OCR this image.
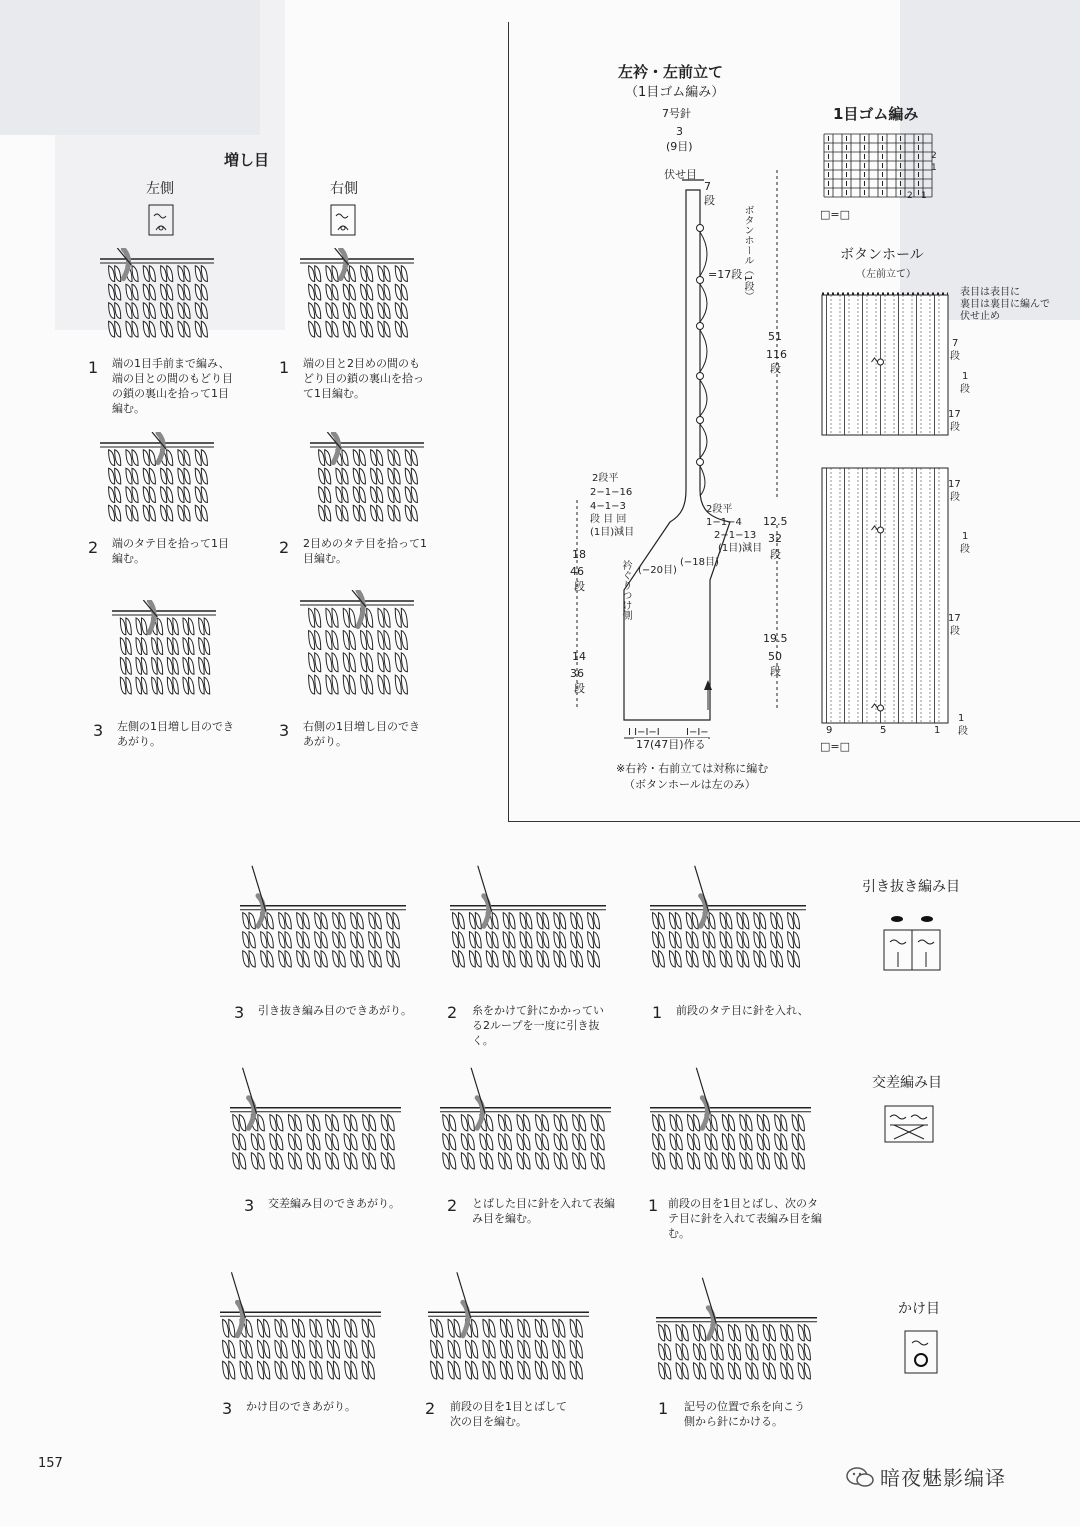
増し目
左側	右側
1 端の1目手前まで編み、端の目との間のもどり目の鎖の裏山を拾って1目編む。
1 端の目と2目めの間のもどり目の鎖の裏山を拾って1目編む。
2 端のタテ目を拾って1目編む。
2 2目めのタテ目を拾って1目編む。
3 左側の1目増し目のできあがり。
3 右側の1目増し目のできあがり。
左衿・左前立て
（1目ゴム編み）
7号針
3
(9目)
伏せ目
7
段
ボタンホール（1段）
=17段
51
116
段
12.5
32
段
19.5
50
段
18
46
段
14
36
段
2段平
2−1−16
4−1−3
段 目 回
(1目)減目
2段平
1−1−4
2−1−13
(1目)減目
(−20目)
(−18目)
衿ぐりつけ側
I I−I−I	I−I−
17(47目)作る
※右衿・右前立ては対称に編む
（ボタンホールは左のみ）
1目ゴム編み
2
1
2 1
□=□
ボタンホール
（左前立て）
表目は表目に
裏目は裏目に編んで
伏せ止め
7
段
1
段
17
段
17
段
1
段
17
段
1
段
9	5	1
□=□
引き抜き編み目
3 引き抜き編み目のできあがり。 2 糸をかけて針にかかっている2ループを一度に引き抜く。
1 前段のタテ目に針を入れ、
交差編み目
3 交差編み目のできあがり。	2 とばした目に針を入れて表編み目を編む。
1 前段の目を1目とばし、次のタテ目に針を入れて表編み目を編む。
かけ目
3 かけ目のできあがり。	2 前段の目を1目とばして次の目を編む。
1 記号の位置で糸を向こう側から針にかける。
157
暗夜魅影编译
